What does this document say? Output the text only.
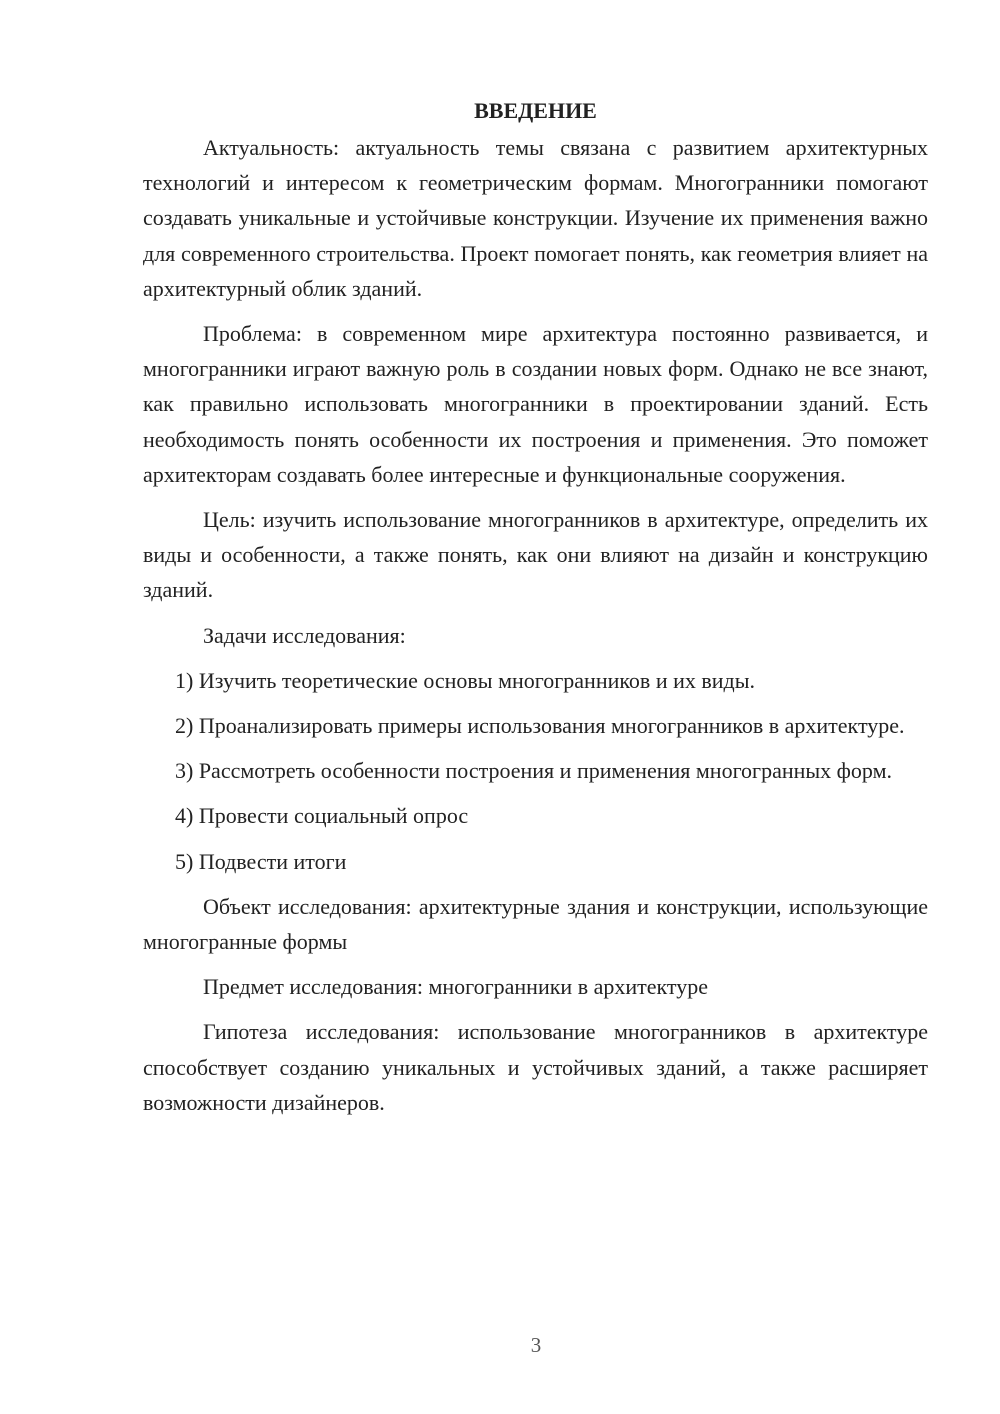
ВВЕДЕНИЕ

Актуальность: актуальность темы связана с развитием архитектурных технологий и интересом к геометрическим формам. Многогранники помогают создавать уникальные и устойчивые конструкции. Изучение их применения важно для современного строительства. Проект помогает понять, как геометрия влияет на архитектурный облик зданий.

Проблема: в современном мире архитектура постоянно развивается, и многогранники играют важную роль в создании новых форм. Однако не все знают, как правильно использовать многогранники в проектировании зданий. Есть необходимость понять особенности их построения и применения. Это поможет архитекторам создавать более интересные и функциональные сооружения.

Цель: изучить использование многогранников в архитектуре, определить их виды и особенности, а также понять, как они влияют на дизайн и конструкцию зданий.

Задачи исследования:

1) Изучить теоретические основы многогранников и их виды.

2) Проанализировать примеры использования многогранников в архитектуре.

3) Рассмотреть особенности построения и применения многогранных форм.

4) Провести социальный опрос

5) Подвести итоги

Объект исследования: архитектурные здания и конструкции, использующие многогранные формы

Предмет исследования: многогранники в архитектуре

Гипотеза исследования: использование многогранников в архитектуре способствует созданию уникальных и устойчивых зданий, а также расширяет возможности дизайнеров.

3
